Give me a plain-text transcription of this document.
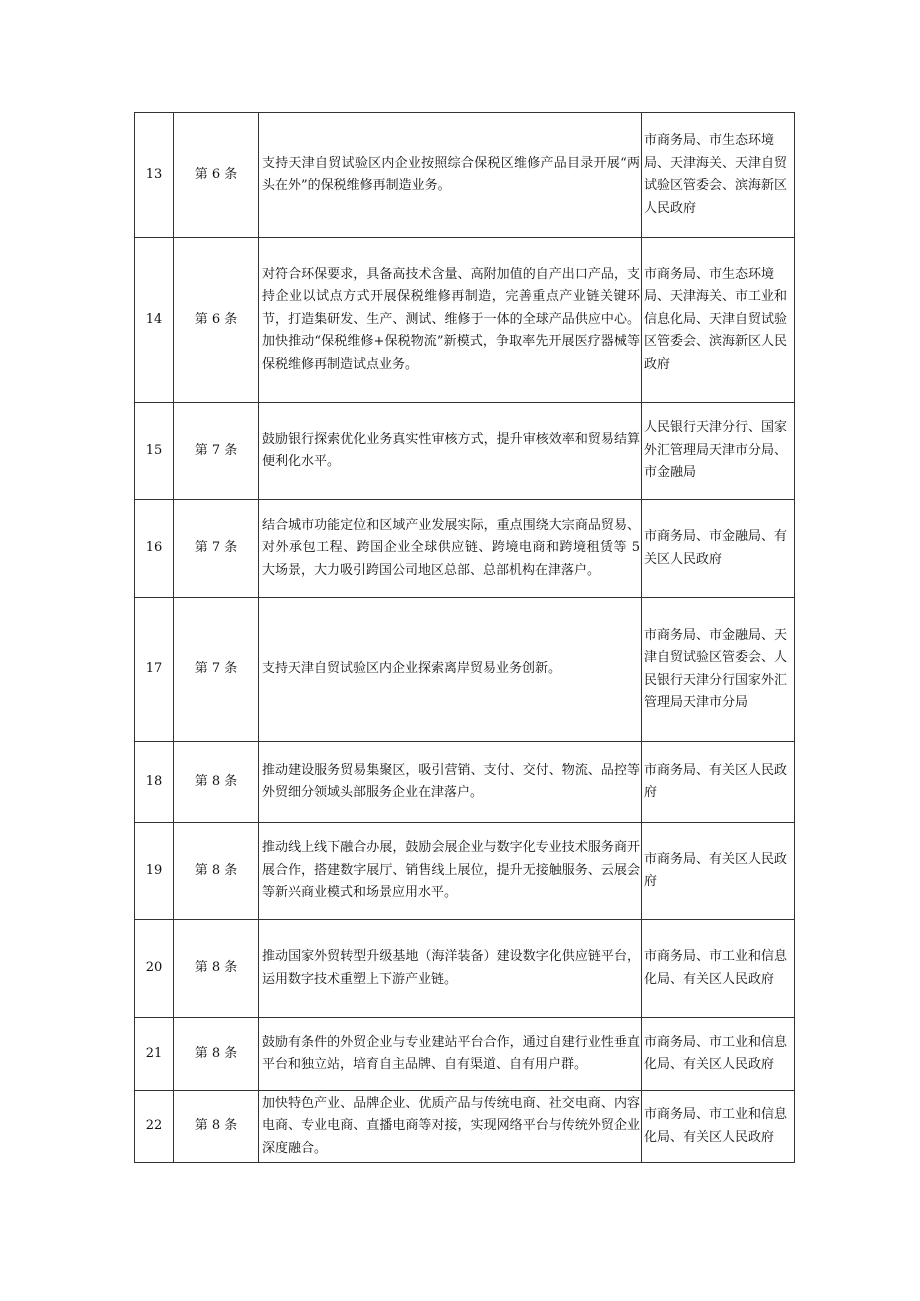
13	第 6 条	支持天津自贸试验区内企业按照综合保税区维修产品目录开展“两头在外”的保税维修再制造业务。	市商务局、市生态环境局、天津海关、天津自贸试验区管委会、滨海新区人民政府
14	第 6 条	对符合环保要求，具备高技术含量、高附加值的自产出口产品，支持企业以试点方式开展保税维修再制造，完善重点产业链关键环节，打造集研发、生产、测试、维修于一体的全球产品供应中心。加快推动“保税维修+保税物流”新模式，争取率先开展医疗器械等保税维修再制造试点业务。	市商务局、市生态环境局、天津海关、市工业和信息化局、天津自贸试验区管委会、滨海新区人民政府
15	第 7 条	鼓励银行探索优化业务真实性审核方式，提升审核效率和贸易结算便利化水平。	人民银行天津分行、国家外汇管理局天津市分局、市金融局
16	第 7 条	结合城市功能定位和区域产业发展实际，重点围绕大宗商品贸易、对外承包工程、跨国企业全球供应链、跨境电商和跨境租赁等 5 大场景，大力吸引跨国公司地区总部、总部机构在津落户。	市商务局、市金融局、有关区人民政府
17	第 7 条	支持天津自贸试验区内企业探索离岸贸易业务创新。	市商务局、市金融局、天津自贸试验区管委会、人民银行天津分行国家外汇管理局天津市分局
18	第 8 条	推动建设服务贸易集聚区，吸引营销、支付、交付、物流、品控等外贸细分领域头部服务企业在津落户。	市商务局、有关区人民政府
19	第 8 条	推动线上线下融合办展，鼓励会展企业与数字化专业技术服务商开展合作，搭建数字展厅、销售线上展位，提升无接触服务、云展会等新兴商业模式和场景应用水平。	市商务局、有关区人民政府
20	第 8 条	推动国家外贸转型升级基地（海洋装备）建设数字化供应链平台，运用数字技术重塑上下游产业链。	市商务局、市工业和信息化局、有关区人民政府
21	第 8 条	鼓励有条件的外贸企业与专业建站平台合作，通过自建行业性垂直平台和独立站，培育自主品牌、自有渠道、自有用户群。	市商务局、市工业和信息化局、有关区人民政府
22	第 8 条	加快特色产业、品牌企业、优质产品与传统电商、社交电商、内容电商、专业电商、直播电商等对接，实现网络平台与传统外贸企业深度融合。	市商务局、市工业和信息化局、有关区人民政府
